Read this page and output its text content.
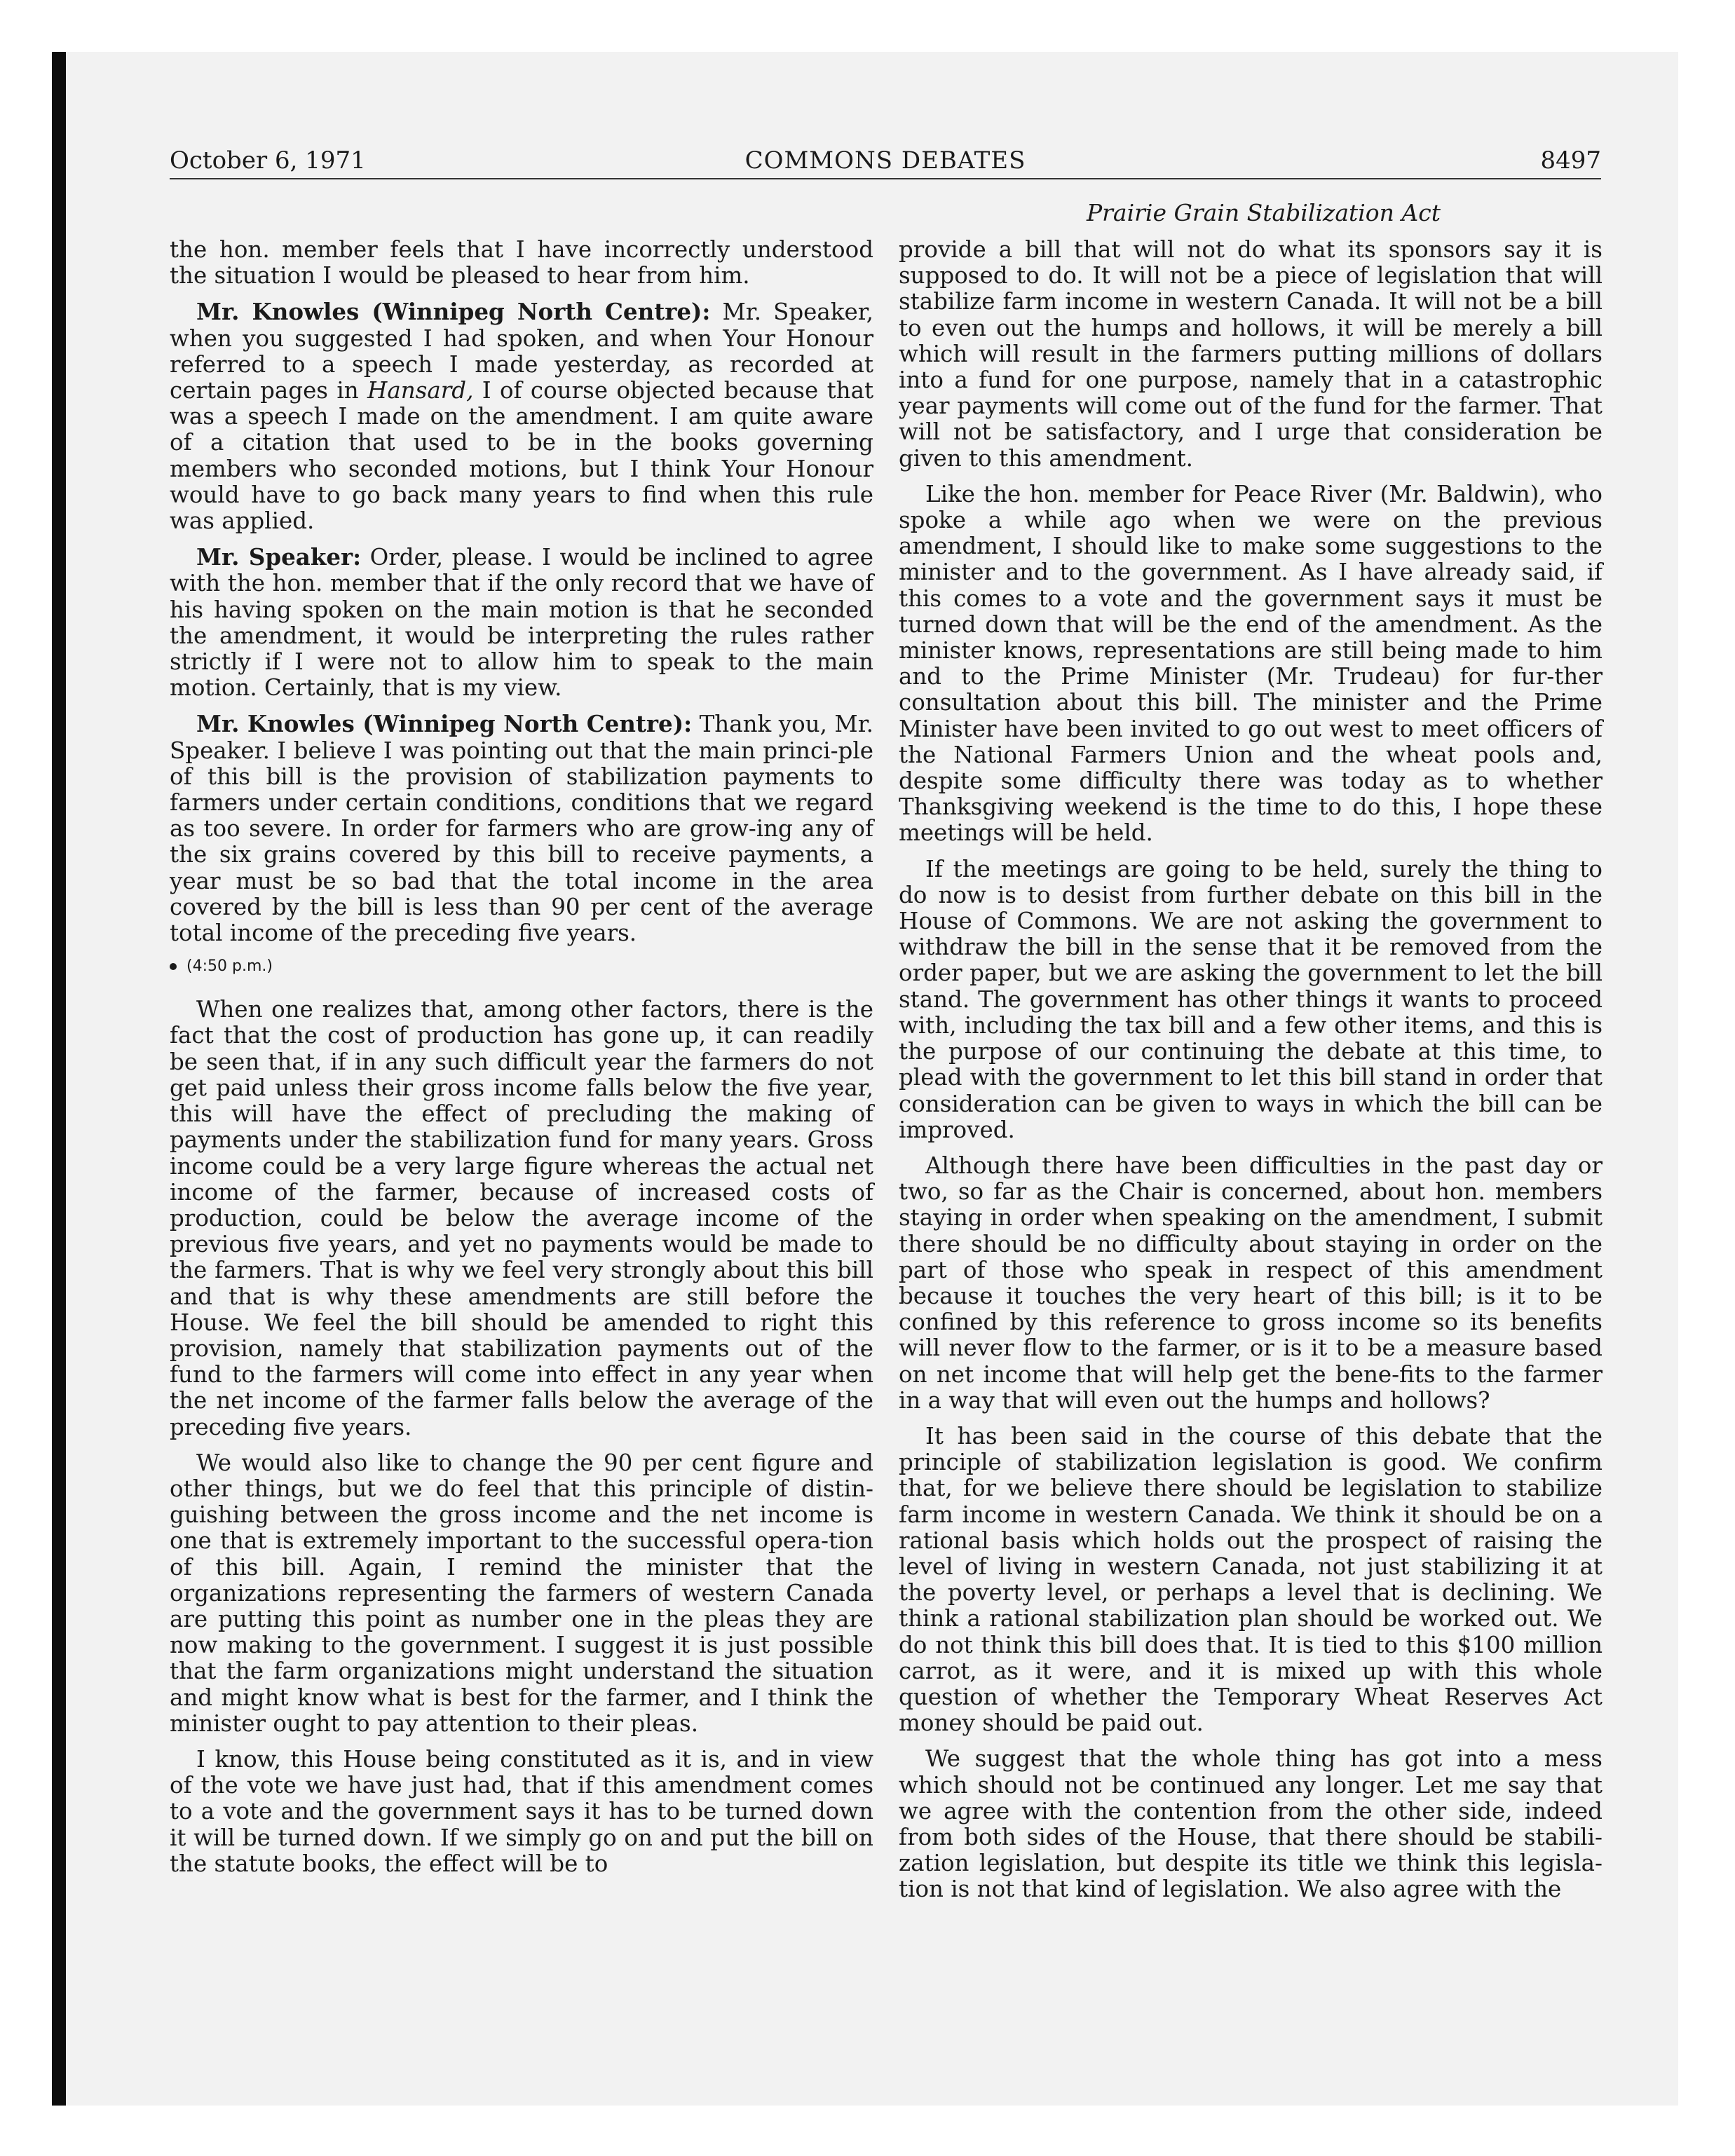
October 6, 1971	COMMONS DEBATES	8497
Prairie Grain Stabilization Act

the hon. member feels that I have incorrectly understood the situation I would be pleased to hear from him.

Mr. Knowles (Winnipeg North Centre): Mr. Speaker, when you suggested I had spoken, and when Your Honour referred to a speech I made yesterday, as recorded at certain pages in Hansard, I of course objected because that was a speech I made on the amendment. I am quite aware of a citation that used to be in the books governing members who seconded motions, but I think Your Honour would have to go back many years to find when this rule was applied.

Mr. Speaker: Order, please. I would be inclined to agree with the hon. member that if the only record that we have of his having spoken on the main motion is that he seconded the amendment, it would be interpreting the rules rather strictly if I were not to allow him to speak to the main motion. Certainly, that is my view.

Mr. Knowles (Winnipeg North Centre): Thank you, Mr. Speaker. I believe I was pointing out that the main princi-ple of this bill is the provision of stabilization payments to farmers under certain conditions, conditions that we regard as too severe. In order for farmers who are grow-ing any of the six grains covered by this bill to receive payments, a year must be so bad that the total income in the area covered by the bill is less than 90 per cent of the average total income of the preceding five years.

(4:50 p.m.)

When one realizes that, among other factors, there is the fact that the cost of production has gone up, it can readily be seen that, if in any such difficult year the farmers do not get paid unless their gross income falls below the five year, this will have the effect of precluding the making of payments under the stabilization fund for many years. Gross income could be a very large figure whereas the actual net income of the farmer, because of increased costs of production, could be below the average income of the previous five years, and yet no payments would be made to the farmers. That is why we feel very strongly about this bill and that is why these amendments are still before the House. We feel the bill should be amended to right this provision, namely that stabilization payments out of the fund to the farmers will come into effect in any year when the net income of the farmer falls below the average of the preceding five years.

We would also like to change the 90 per cent figure and other things, but we do feel that this principle of distin-guishing between the gross income and the net income is one that is extremely important to the successful opera-tion of this bill. Again, I remind the minister that the organizations representing the farmers of western Canada are putting this point as number one in the pleas they are now making to the government. I suggest it is just possible that the farm organizations might understand the situation and might know what is best for the farmer, and I think the minister ought to pay attention to their pleas.

I know, this House being constituted as it is, and in view of the vote we have just had, that if this amendment comes to a vote and the government says it has to be turned down it will be turned down. If we simply go on and put the bill on the statute books, the effect will be to

provide a bill that will not do what its sponsors say it is supposed to do. It will not be a piece of legislation that will stabilize farm income in western Canada. It will not be a bill to even out the humps and hollows, it will be merely a bill which will result in the farmers putting millions of dollars into a fund for one purpose, namely that in a catastrophic year payments will come out of the fund for the farmer. That will not be satisfactory, and I urge that consideration be given to this amendment.

Like the hon. member for Peace River (Mr. Baldwin), who spoke a while ago when we were on the previous amendment, I should like to make some suggestions to the minister and to the government. As I have already said, if this comes to a vote and the government says it must be turned down that will be the end of the amendment. As the minister knows, representations are still being made to him and to the Prime Minister (Mr. Trudeau) for fur-ther consultation about this bill. The minister and the Prime Minister have been invited to go out west to meet officers of the National Farmers Union and the wheat pools and, despite some difficulty there was today as to whether Thanksgiving weekend is the time to do this, I hope these meetings will be held.

If the meetings are going to be held, surely the thing to do now is to desist from further debate on this bill in the House of Commons. We are not asking the government to withdraw the bill in the sense that it be removed from the order paper, but we are asking the government to let the bill stand. The government has other things it wants to proceed with, including the tax bill and a few other items, and this is the purpose of our continuing the debate at this time, to plead with the government to let this bill stand in order that consideration can be given to ways in which the bill can be improved.

Although there have been difficulties in the past day or two, so far as the Chair is concerned, about hon. members staying in order when speaking on the amendment, I submit there should be no difficulty about staying in order on the part of those who speak in respect of this amendment because it touches the very heart of this bill; is it to be confined by this reference to gross income so its benefits will never flow to the farmer, or is it to be a measure based on net income that will help get the bene-fits to the farmer in a way that will even out the humps and hollows?

It has been said in the course of this debate that the principle of stabilization legislation is good. We confirm that, for we believe there should be legislation to stabilize farm income in western Canada. We think it should be on a rational basis which holds out the prospect of raising the level of living in western Canada, not just stabilizing it at the poverty level, or perhaps a level that is declining. We think a rational stabilization plan should be worked out. We do not think this bill does that. It is tied to this $100 million carrot, as it were, and it is mixed up with this whole question of whether the Temporary Wheat Reserves Act money should be paid out.

We suggest that the whole thing has got into a mess which should not be continued any longer. Let me say that we agree with the contention from the other side, indeed from both sides of the House, that there should be stabili-zation legislation, but despite its title we think this legisla-tion is not that kind of legislation. We also agree with the
